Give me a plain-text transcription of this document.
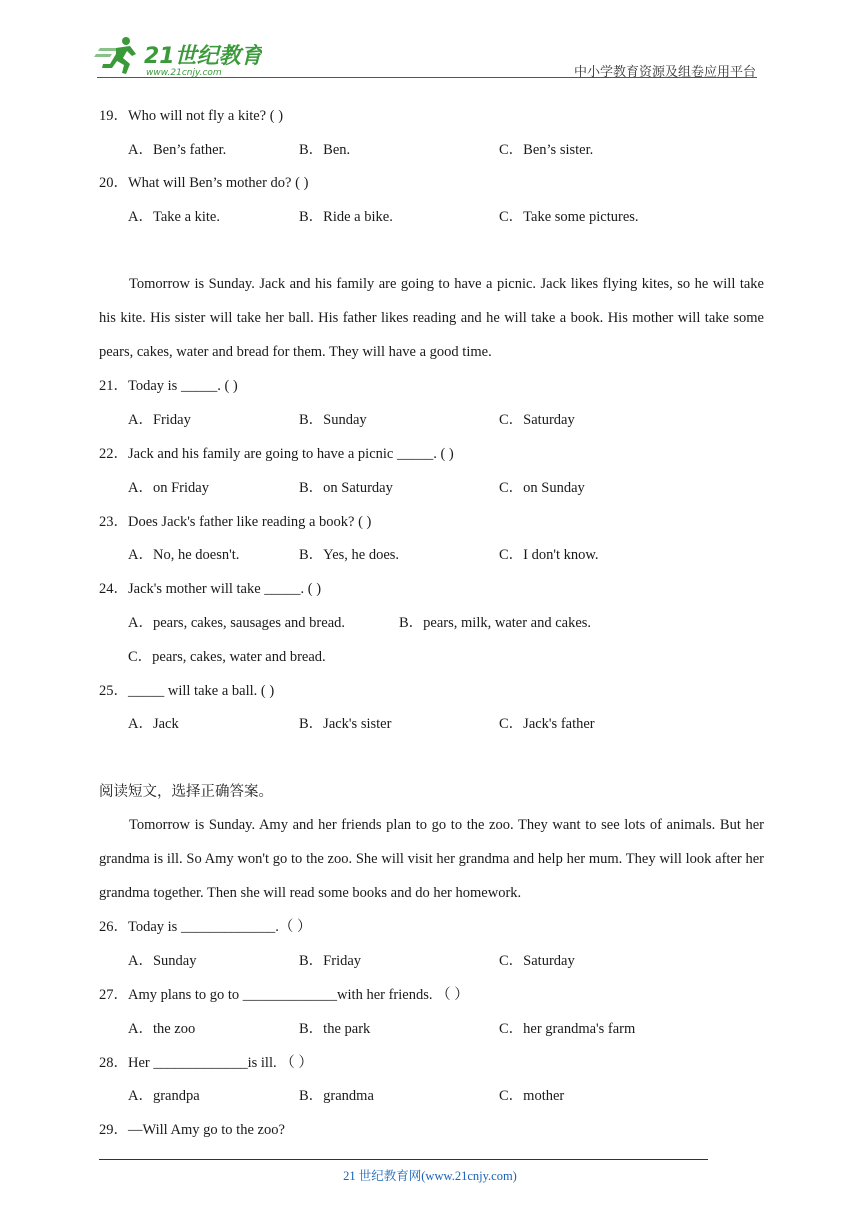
21世纪教育
www.21cnjy.com	中小学教育资源及组卷应用平台
19．Who will not fly a kite? ( )
A．Ben’s father.	B．Ben.	C．Ben’s sister.
20．What will Ben’s mother do? ( )
A．Take a kite.	B．Ride a bike.	C．Take some pictures.
Tomorrow is Sunday. Jack and his family are going to have a picnic. Jack likes flying kites, so he will take his kite. His sister will take her ball. His father likes reading and he will take a book. His mother will take some pears, cakes, water and bread for them. They will have a good time.
21．Today is _____. ( )
A．Friday	B．Sunday	C．Saturday
22．Jack and his family are going to have a picnic _____. ( )
A．on Friday	B．on Saturday	C．on Sunday
23．Does Jack's father like reading a book? ( )
A．No, he doesn't.	B．Yes, he does.	C．I don't know.
24．Jack's mother will take _____. ( )
A．pears, cakes, sausages and bread.	B．pears, milk, water and cakes.
C．pears, cakes, water and bread.
25．_____ will take a ball. ( )
A．Jack	B．Jack's sister	C．Jack's father
阅读短文，选择正确答案。
Tomorrow is Sunday. Amy and her friends plan to go to the zoo. They want to see lots of animals. But her grandma is ill. So Amy won't go to the zoo. She will visit her grandma and help her mum. They will look after her grandma together. Then she will read some books and do her homework.
26．Today is _____________.（ ）
A．Sunday	B．Friday	C．Saturday
27．Amy plans to go to _____________with her friends. （ ）
A．the zoo	B．the park	C．her grandma's farm
28．Her _____________is ill. （ ）
A．grandpa	B．grandma	C．mother
29．—Will Amy go to the zoo?
21 世纪教育网(www.21cnjy.com)
